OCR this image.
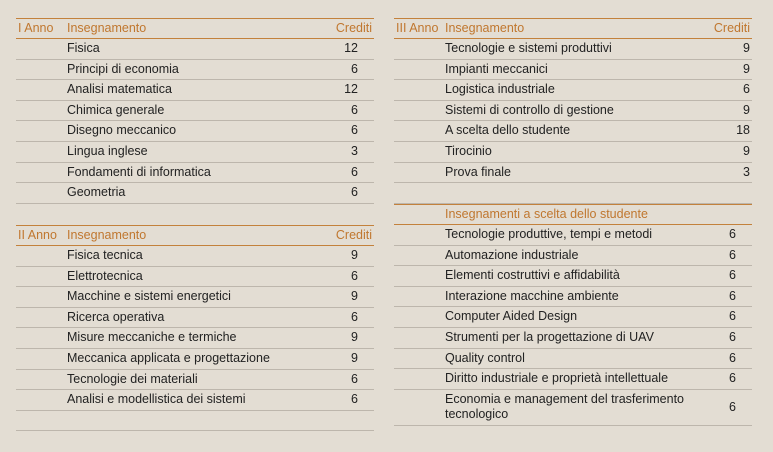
I Anno Insegnamento	Crediti
Fisica	12
Principi di economia	6
Analisi matematica	12
Chimica generale	6
Disegno meccanico	6
Lingua inglese	3
Fondamenti di informatica	6
Geometria	6
II Anno Insegnamento	Crediti
Fisica tecnica	9
Elettrotecnica	6
Macchine e sistemi energetici	9
Ricerca operativa	6
Misure meccaniche e termiche	9
Meccanica applicata e progettazione	9
Tecnologie dei materiali	6
Analisi e modellistica dei sistemi	6
III Anno Insegnamento	Crediti
Tecnologie e sistemi produttivi	9
Impianti meccanici	9
Logistica industriale	6
Sistemi di controllo di gestione	9
A scelta dello studente	18
Tirocinio	9
Prova finale	3
Insegnamenti a scelta dello studente
Tecnologie produttive, tempi e metodi	6
Automazione industriale	6
Elementi costruttivi e affidabilità	6
Interazione macchine ambiente	6
Computer Aided Design	6
Strumenti per la progettazione di UAV	6
Quality control	6
Diritto industriale e proprietà intellettuale	6
Economia e management del trasferimento tecnologico	6
